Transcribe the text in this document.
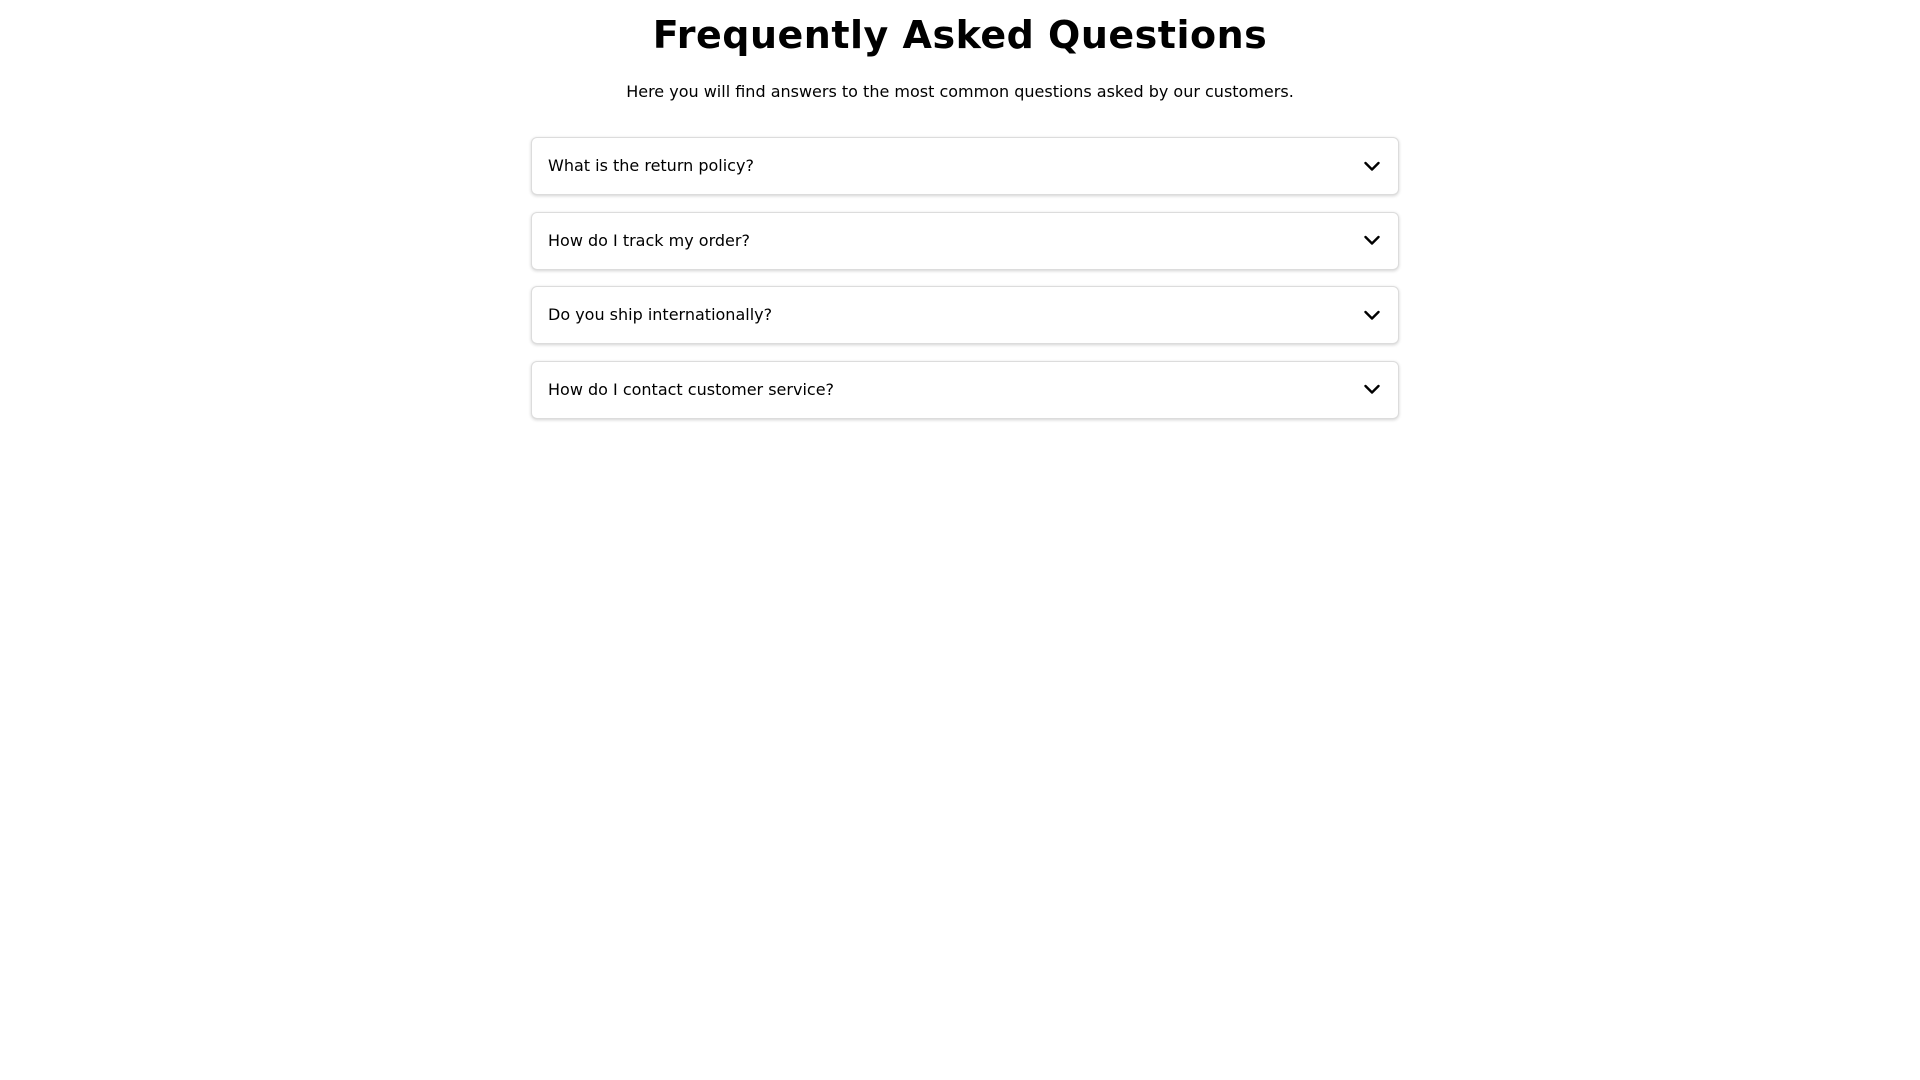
Frequently Asked Questions

Here you will find answers to the most common questions asked by our customers.

What is the return policy?
How do I track my order?
Do you ship internationally?
How do I contact customer service?
